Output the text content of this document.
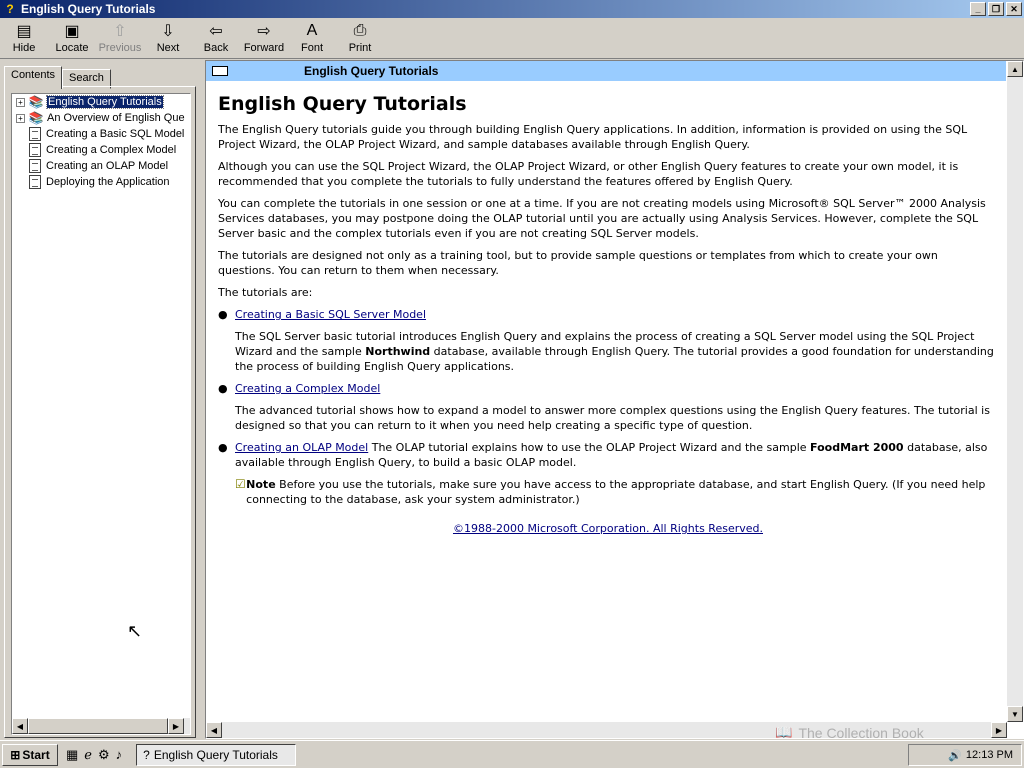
? English Query Tutorials	_	❐	✕
▤
Hide
▣
Locate
⇧
Previous
⇩
Next
⇦
Back
⇨
Forward
A
Font
⎙
Print
Contents	Search
+ 📚 English Query Tutorials
+ 📚 An Overview of English Que
Creating a Basic SQL Model
Creating a Complex Model
Creating an OLAP Model
Deploying the Application
◀	▶
English Query Tutorials
English Query Tutorials

The English Query tutorials guide you through building English Query applications. In addition, information is provided on using the SQL Project Wizard, the OLAP Project Wizard, and sample databases available through English Query.

Although you can use the SQL Project Wizard, the OLAP Project Wizard, or other English Query features to create your own model, it is recommended that you complete the tutorials to fully understand the features offered by English Query.

You can complete the tutorials in one session or one at a time. If you are not creating models using Microsoft® SQL Server™ 2000 Analysis Services databases, you may postpone doing the OLAP tutorial until you are actually using Analysis Services. However, complete the SQL Server basic and the complex tutorials even if you are not creating SQL Server models.

The tutorials are designed not only as a training tool, but to provide sample questions or templates from which to create your own questions. You can return to them when necessary.

The tutorials are:

● Creating a Basic SQL Server Model

The SQL Server basic tutorial introduces English Query and explains the process of creating a SQL Server model using the SQL Project Wizard and the sample Northwind database, available through English Query. The tutorial provides a good foundation for understanding the process of building English Query applications.

● Creating a Complex Model

The advanced tutorial shows how to expand a model to answer more complex questions using the English Query features. The tutorial is designed so that you can return to it when you need help creating a specific type of question.

● Creating an OLAP Model The OLAP tutorial explains how to use the OLAP Project Wizard and the sample FoodMart 2000 database, also available through English Query, to build a basic OLAP model.
☑ Note Before you use the tutorials, make sure you have access to the appropriate database, and start English Query. (If you need help connecting to the database, ask your system administrator.)
©1988-2000 Microsoft Corporation. All Rights Reserved.
▲
▼
◀	▶
⊞ Start ▦ ℯ ⚙ ♪ ? English Query Tutorials	🔊 12:13 PM
↖
📖 The Collection Book
